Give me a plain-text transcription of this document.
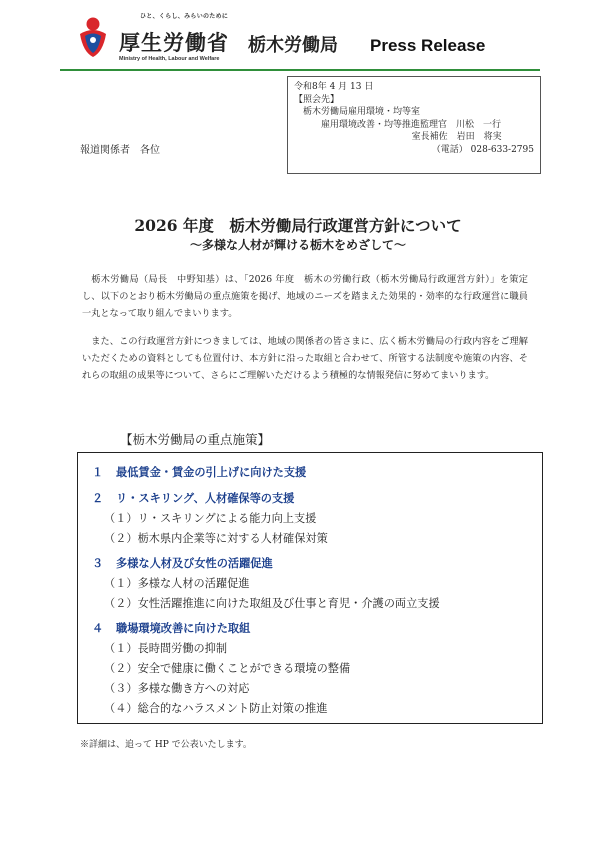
ひと、くらし、みらいのために
厚生労働省 栃木労働局 Press Release
Ministry of Health, Labour and Welfare
令和8年 4 月 13 日
【照会先】
栃木労働局雇用環境・均等室
雇用環境改善・均等推進監理官　川松　一行
室長補佐　岩田　将実
（電話） 028-633-2795
報道関係者　各位
2026 年度　栃木労働局行政運営方針について
～多様な人材が輝ける栃木をめざして～

栃木労働局（局長　中野知基）は、「2026 年度　栃木の労働行政（栃木労働局行政運営方針）」を策定し、以下のとおり栃木労働局の重点施策を掲げ、地域のニーズを踏まえた効果的・効率的な行政運営に職員一丸となって取り組んでまいります。

また、この行政運営方針につきましては、地域の関係者の皆さまに、広く栃木労働局の行政内容をご理解いただくための資料としても位置付け、本方針に沿った取組と合わせて、所管する法制度や施策の内容、それらの取組の成果等について、さらにご理解いただけるよう積極的な情報発信に努めてまいります。

【栃木労働局の重点施策】
１ 最低賃金・賃金の引上げに向けた支援
２ リ・スキリング、人材確保等の支援
（１）リ・スキリングによる能力向上支援
（２）栃木県内企業等に対する人材確保対策
３ 多様な人材及び女性の活躍促進
（１）多様な人材の活躍促進
（２）女性活躍推進に向けた取組及び仕事と育児・介護の両立支援
４ 職場環境改善に向けた取組
（１）長時間労働の抑制
（２）安全で健康に働くことができる環境の整備
（３）多様な働き方への対応
（４）総合的なハラスメント防止対策の推進
※詳細は、追って HP で公表いたします。
